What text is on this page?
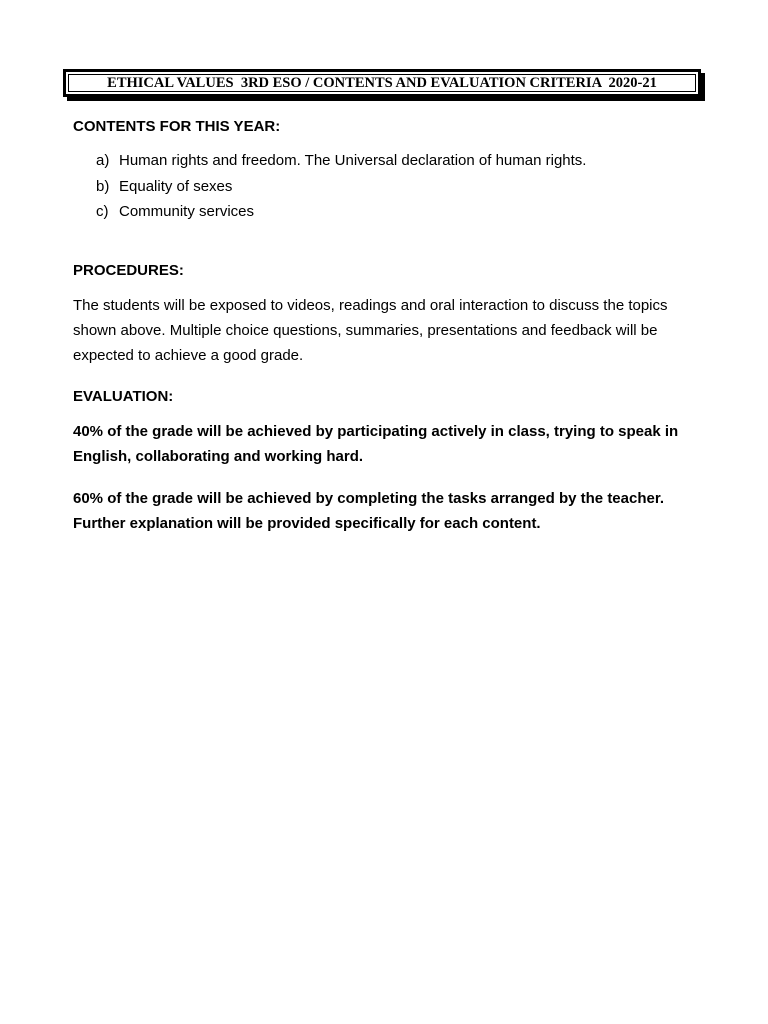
ETHICAL VALUES  3RD ESO / CONTENTS AND EVALUATION CRITERIA  2020-21
CONTENTS FOR THIS YEAR:
a) Human rights and freedom. The Universal declaration of human rights.
b) Equality of sexes
c) Community services
PROCEDURES:

The students will be exposed to videos, readings and oral interaction to discuss the topics shown above. Multiple choice questions, summaries, presentations and feedback will be expected to achieve a good grade.

EVALUATION:

40% of the grade will be achieved by participating actively in class, trying to speak in English, collaborating and working hard.

60% of the grade will be achieved by completing the tasks arranged by the teacher. Further explanation will be provided specifically for each content.
